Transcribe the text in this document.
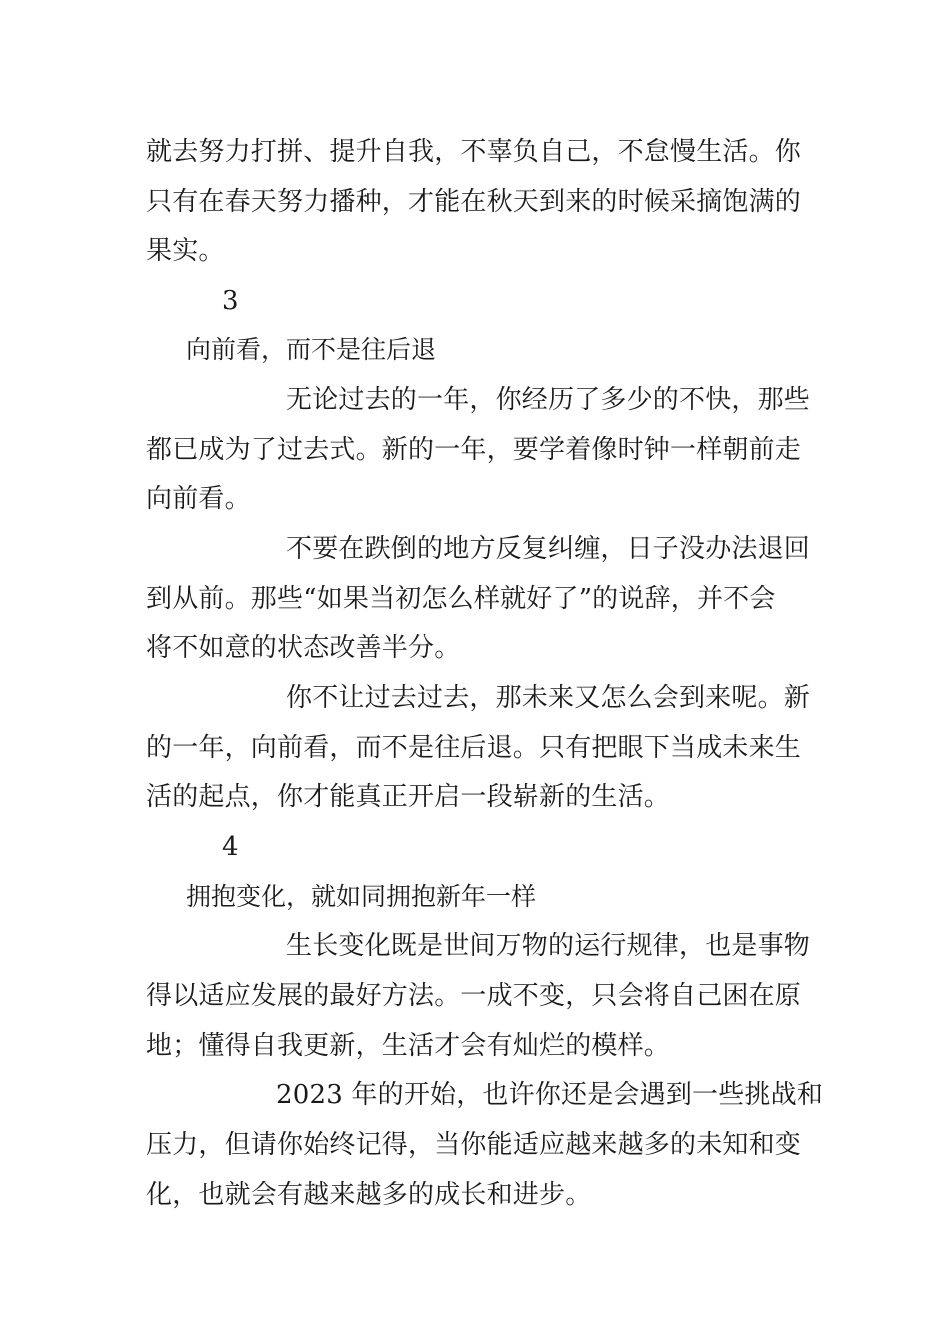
就去努力打拼、提升自我，不辜负自己，不怠慢生活。你

只有在春天努力播种，才能在秋天到来的时候采摘饱满的

果实。

3

向前看，而不是往后退

无论过去的一年，你经历了多少的不快，那些

都已成为了过去式。新的一年，要学着像时钟一样朝前走

向前看。

不要在跌倒的地方反复纠缠，日子没办法退回

到从前。那些“如果当初怎么样就好了”的说辞，并不会

将不如意的状态改善半分。

你不让过去过去，那未来又怎么会到来呢。新

的一年，向前看，而不是往后退。只有把眼下当成未来生

活的起点，你才能真正开启一段崭新的生活。

4

拥抱变化，就如同拥抱新年一样

生长变化既是世间万物的运行规律，也是事物

得以适应发展的最好方法。一成不变，只会将自己困在原

地；懂得自我更新，生活才会有灿烂的模样。

2023 年的开始，也许你还是会遇到一些挑战和

压力，但请你始终记得，当你能适应越来越多的未知和变

化，也就会有越来越多的成长和进步。
